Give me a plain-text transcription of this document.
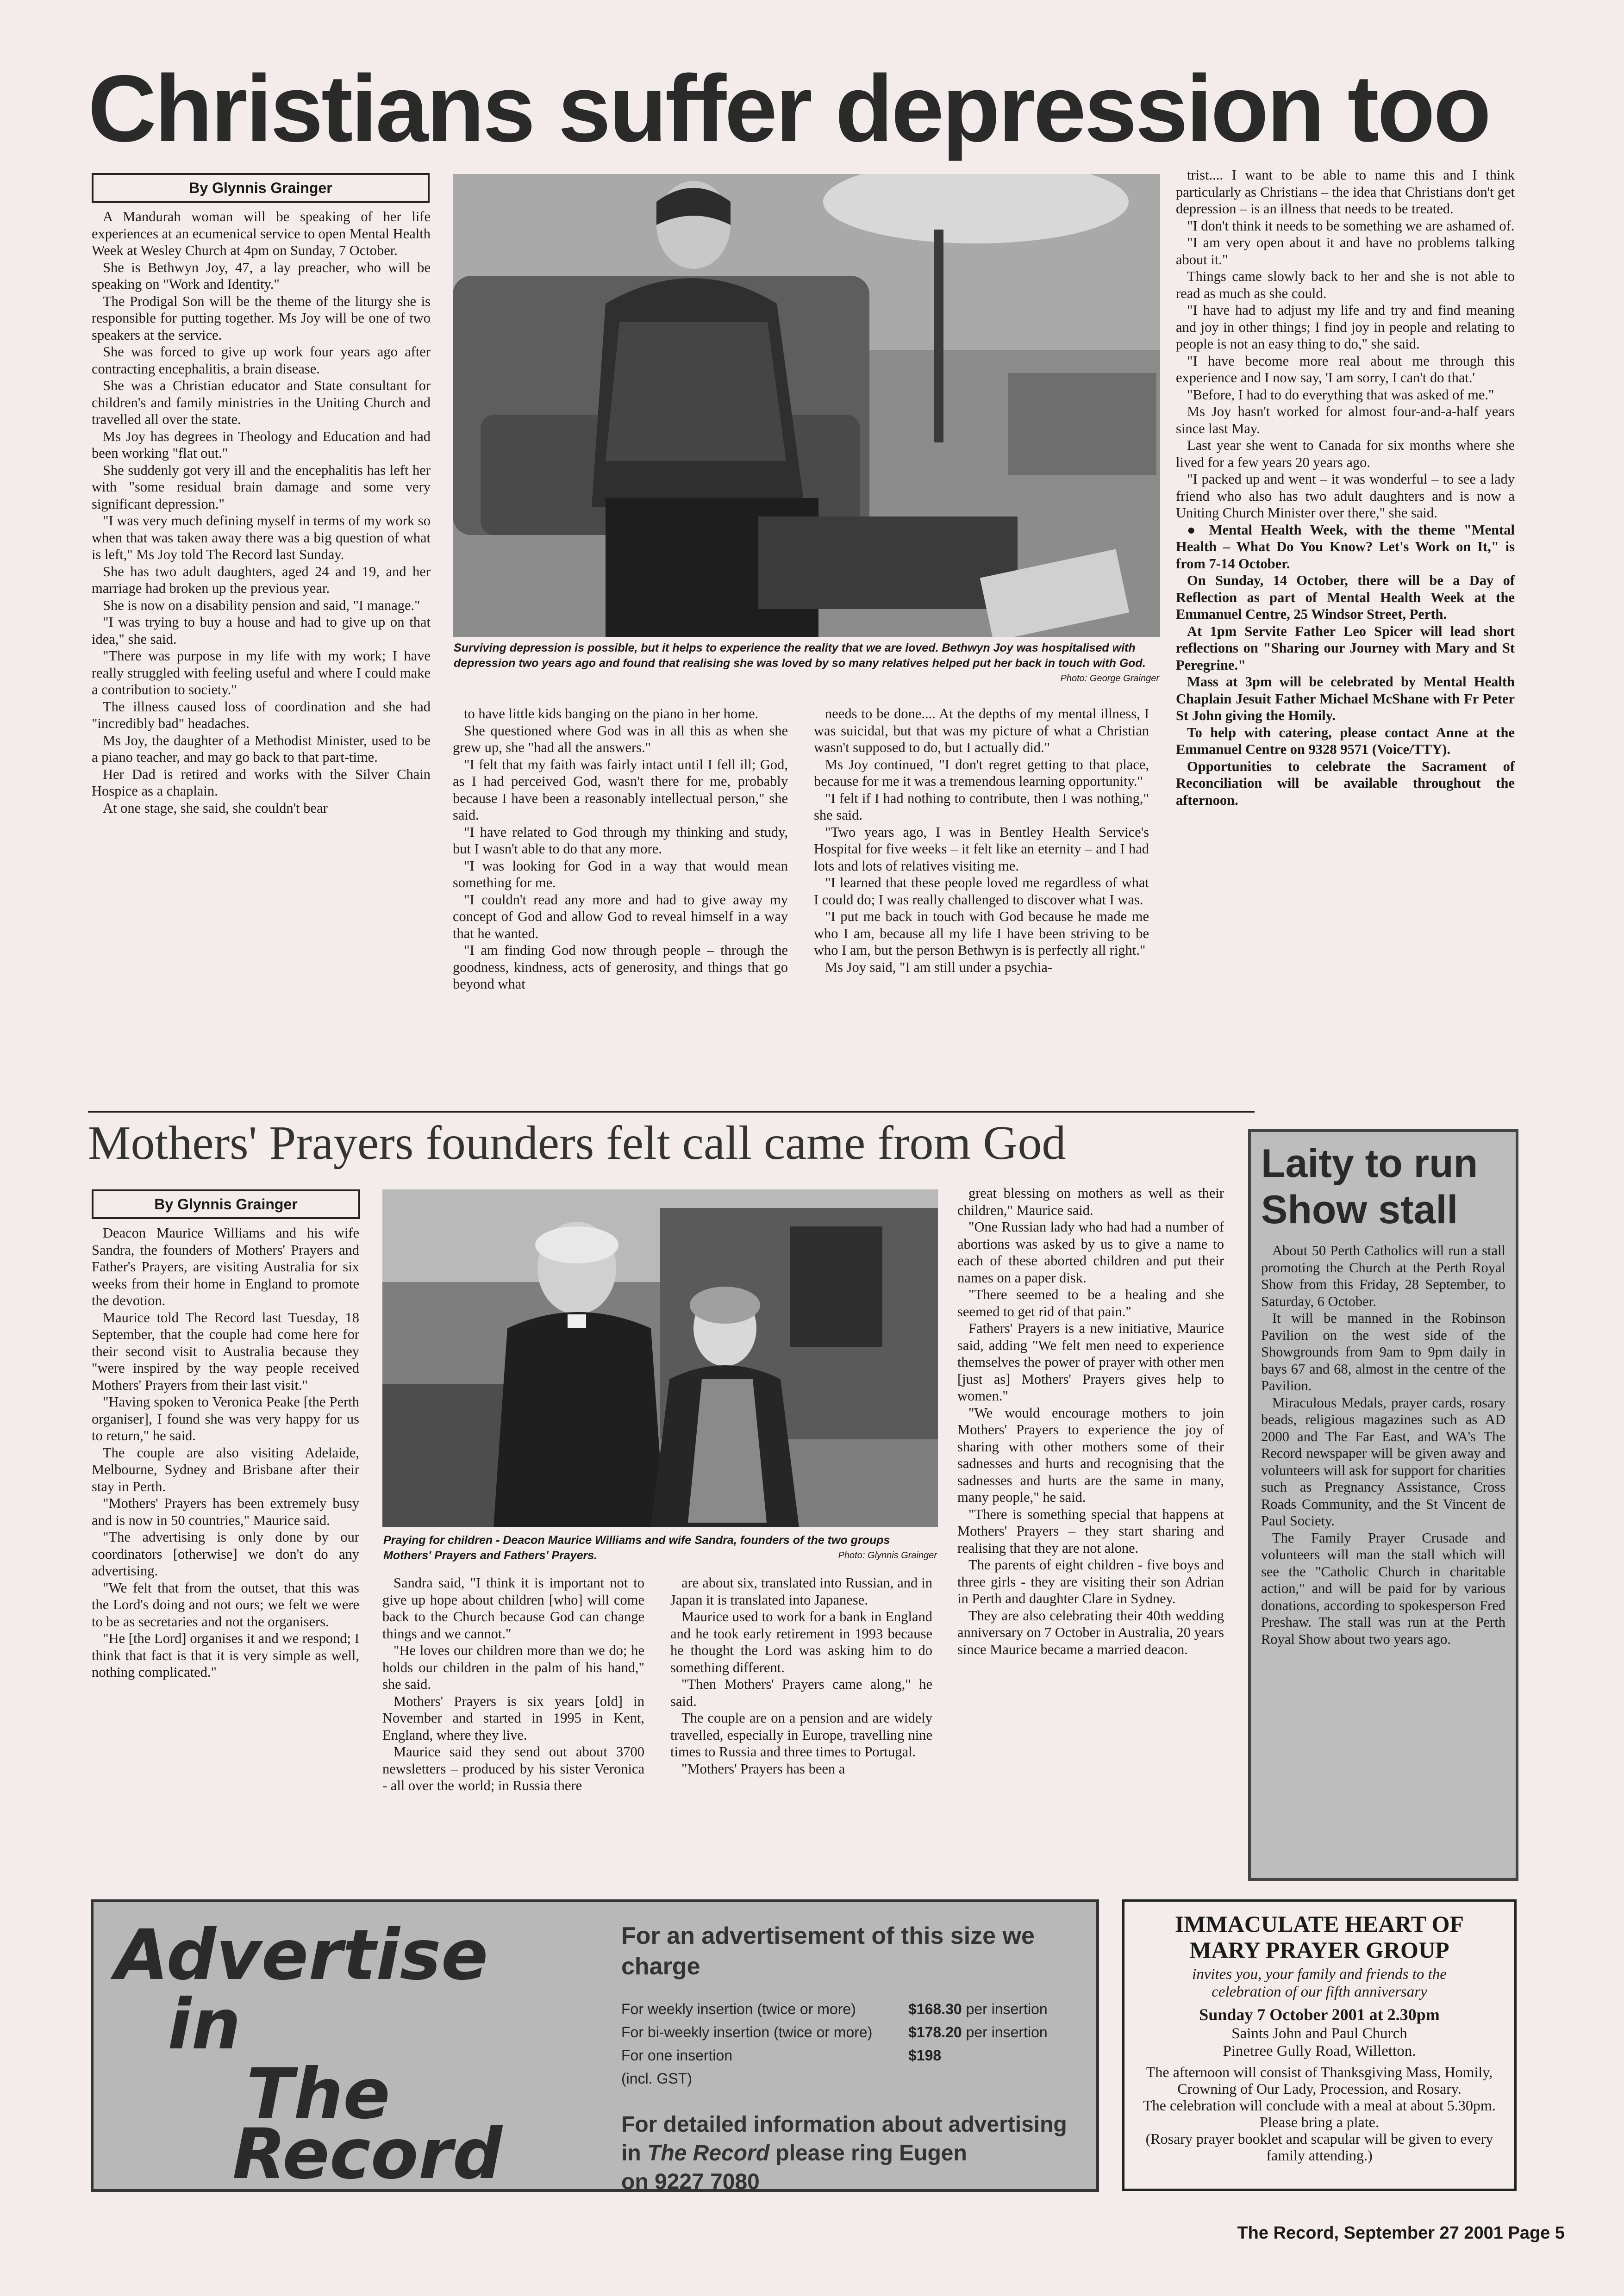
Christians suffer depression too
By Glynnis Grainger

A Mandurah woman will be speaking of her life experiences at an ecumenical service to open Mental Health Week at Wesley Church at 4pm on Sunday, 7 October.

She is Bethwyn Joy, 47, a lay preacher, who will be speaking on "Work and Identity."

The Prodigal Son will be the theme of the liturgy she is responsible for putting together. Ms Joy will be one of two speakers at the service.

She was forced to give up work four years ago after contracting encephalitis, a brain disease.

She was a Christian educator and State consultant for children's and family ministries in the Uniting Church and travelled all over the state.

Ms Joy has degrees in Theology and Education and had been working "flat out."

She suddenly got very ill and the encephalitis has left her with "some residual brain damage and some very significant depression."

"I was very much defining myself in terms of my work so when that was taken away there was a big question of what is left," Ms Joy told The Record last Sunday.

She has two adult daughters, aged 24 and 19, and her marriage had broken up the previous year.

She is now on a disability pension and said, "I manage."

"I was trying to buy a house and had to give up on that idea," she said.

"There was purpose in my life with my work; I have really struggled with feeling useful and where I could make a contribution to society."

The illness caused loss of coordination and she had "incredibly bad" headaches.

Ms Joy, the daughter of a Methodist Minister, used to be a piano teacher, and may go back to that part-time.

Her Dad is retired and works with the Silver Chain Hospice as a chaplain.

At one stage, she said, she couldn't bear

Surviving depression is possible, but it helps to experience the reality that we are loved. Bethwyn Joy was hospitalised with depression two years ago and found that realising she was loved by so many relatives helped put her back in touch with God.
Photo: George Grainger

to have little kids banging on the piano in her home.

She questioned where God was in all this as when she grew up, she "had all the answers."

"I felt that my faith was fairly intact until I fell ill; God, as I had perceived God, wasn't there for me, probably because I have been a reasonably intellectual person," she said.

"I have related to God through my thinking and study, but I wasn't able to do that any more.

"I was looking for God in a way that would mean something for me.

"I couldn't read any more and had to give away my concept of God and allow God to reveal himself in a way that he wanted.

"I am finding God now through people – through the goodness, kindness, acts of generosity, and things that go beyond what

needs to be done.... At the depths of my mental illness, I was suicidal, but that was my picture of what a Christian wasn't supposed to do, but I actually did."

Ms Joy continued, "I don't regret getting to that place, because for me it was a tremendous learning opportunity."

"I felt if I had nothing to contribute, then I was nothing," she said.

"Two years ago, I was in Bentley Health Service's Hospital for five weeks – it felt like an eternity – and I had lots and lots of relatives visiting me.

"I learned that these people loved me regardless of what I could do; I was really challenged to discover what I was.

"I put me back in touch with God because he made me who I am, because all my life I have been striving to be who I am, but the person Bethwyn is is perfectly all right."

Ms Joy said, "I am still under a psychia-

trist.... I want to be able to name this and I think particularly as Christians – the idea that Christians don't get depression – is an illness that needs to be treated.

"I don't think it needs to be something we are ashamed of.

"I am very open about it and have no problems talking about it."

Things came slowly back to her and she is not able to read as much as she could.

"I have had to adjust my life and try and find meaning and joy in other things; I find joy in people and relating to people is not an easy thing to do," she said.

"I have become more real about me through this experience and I now say, 'I am sorry, I can't do that.'

"Before, I had to do everything that was asked of me."

Ms Joy hasn't worked for almost four-and-a-half years since last May.

Last year she went to Canada for six months where she lived for a few years 20 years ago.

"I packed up and went – it was wonderful – to see a lady friend who also has two adult daughters and is now a Uniting Church Minister over there," she said.

● Mental Health Week, with the theme "Mental Health – What Do You Know? Let's Work on It," is from 7-14 October.

On Sunday, 14 October, there will be a Day of Reflection as part of Mental Health Week at the Emmanuel Centre, 25 Windsor Street, Perth.

At 1pm Servite Father Leo Spicer will lead short reflections on "Sharing our Journey with Mary and St Peregrine."

Mass at 3pm will be celebrated by Mental Health Chaplain Jesuit Father Michael McShane with Fr Peter St John giving the Homily.

To help with catering, please contact Anne at the Emmanuel Centre on 9328 9571 (Voice/TTY).

Opportunities to celebrate the Sacrament of Reconciliation will be available throughout the afternoon.

Mothers' Prayers founders felt call came from God
By Glynnis Grainger

Deacon Maurice Williams and his wife Sandra, the founders of Mothers' Prayers and Father's Prayers, are visiting Australia for six weeks from their home in England to promote the devotion.

Maurice told The Record last Tuesday, 18 September, that the couple had come here for their second visit to Australia because they "were inspired by the way people received Mothers' Prayers from their last visit."

"Having spoken to Veronica Peake [the Perth organiser], I found she was very happy for us to return," he said.

The couple are also visiting Adelaide, Melbourne, Sydney and Brisbane after their stay in Perth.

"Mothers' Prayers has been extremely busy and is now in 50 countries," Maurice said.

"The advertising is only done by our coordinators [otherwise] we don't do any advertising.

"We felt that from the outset, that this was the Lord's doing and not ours; we felt we were to be as secretaries and not the organisers.

"He [the Lord] organises it and we respond; I think that fact is that it is very simple as well, nothing complicated."

Praying for children - Deacon Maurice Williams and wife Sandra, founders of the two groups Mothers' Prayers and Fathers' Prayers.	Photo: Glynnis Grainger

Sandra said, "I think it is important not to give up hope about children [who] will come back to the Church because God can change things and we cannot."

"He loves our children more than we do; he holds our children in the palm of his hand," she said.

Mothers' Prayers is six years [old] in November and started in 1995 in Kent, England, where they live.

Maurice said they send out about 3700 newsletters – produced by his sister Veronica - all over the world; in Russia there

are about six, translated into Russian, and in Japan it is translated into Japanese.

Maurice used to work for a bank in England and he took early retirement in 1993 because he thought the Lord was asking him to do something different.

"Then Mothers' Prayers came along," he said.

The couple are on a pension and are widely travelled, especially in Europe, travelling nine times to Russia and three times to Portugal.

"Mothers' Prayers has been a

great blessing on mothers as well as their children," Maurice said.

"One Russian lady who had had a number of abortions was asked by us to give a name to each of these aborted children and put their names on a paper disk.

"There seemed to be a healing and she seemed to get rid of that pain."

Fathers' Prayers is a new initiative, Maurice said, adding "We felt men need to experience themselves the power of prayer with other men [just as] Mothers' Prayers gives help to women."

"We would encourage mothers to join Mothers' Prayers to experience the joy of sharing with other mothers some of their sadnesses and hurts and recognising that the sadnesses and hurts are the same in many, many people," he said.

"There is something special that happens at Mothers' Prayers – they start sharing and realising that they are not alone.

The parents of eight children - five boys and three girls - they are visiting their son Adrian in Perth and daughter Clare in Sydney.

They are also celebrating their 40th wedding anniversary on 7 October in Australia, 20 years since Maurice became a married deacon.

Laity to run
Show stall

About 50 Perth Catholics will run a stall promoting the Church at the Perth Royal Show from this Friday, 28 September, to Saturday, 6 October.

It will be manned in the Robinson Pavilion on the west side of the Showgrounds from 9am to 9pm daily in bays 67 and 68, almost in the centre of the Pavilion.

Miraculous Medals, prayer cards, rosary beads, religious magazines such as AD 2000 and The Far East, and WA's The Record newspaper will be given away and volunteers will ask for support for charities such as Pregnancy Assistance, Cross Roads Community, and the St Vincent de Paul Society.

The Family Prayer Crusade and volunteers will man the stall which will see the "Catholic Church in charitable action," and will be paid for by various donations, according to spokesperson Fred Preshaw. The stall was run at the Perth Royal Show about two years ago.

Advertise
in
The
Record
For an advertisement of this size we charge
For weekly insertion (twice or more)	$168.30 per insertion
For bi-weekly insertion (twice or more) $178.20 per insertion
For one insertion	$198
(incl. GST)
For detailed information about advertising
in The Record please ring Eugen
on 9227 7080
IMMACULATE HEART OF
MARY PRAYER GROUP
invites you, your family and friends to the
celebration of our fifth anniversary
Sunday 7 October 2001 at 2.30pm
Saints John and Paul Church
Pinetree Gully Road, Willetton.
The afternoon will consist of Thanksgiving Mass, Homily, Crowning of Our Lady, Procession, and Rosary.
The celebration will conclude with a meal at about 5.30pm. Please bring a plate.
(Rosary prayer booklet and scapular will be given to every family attending.)
The Record, September 27 2001 Page 5
